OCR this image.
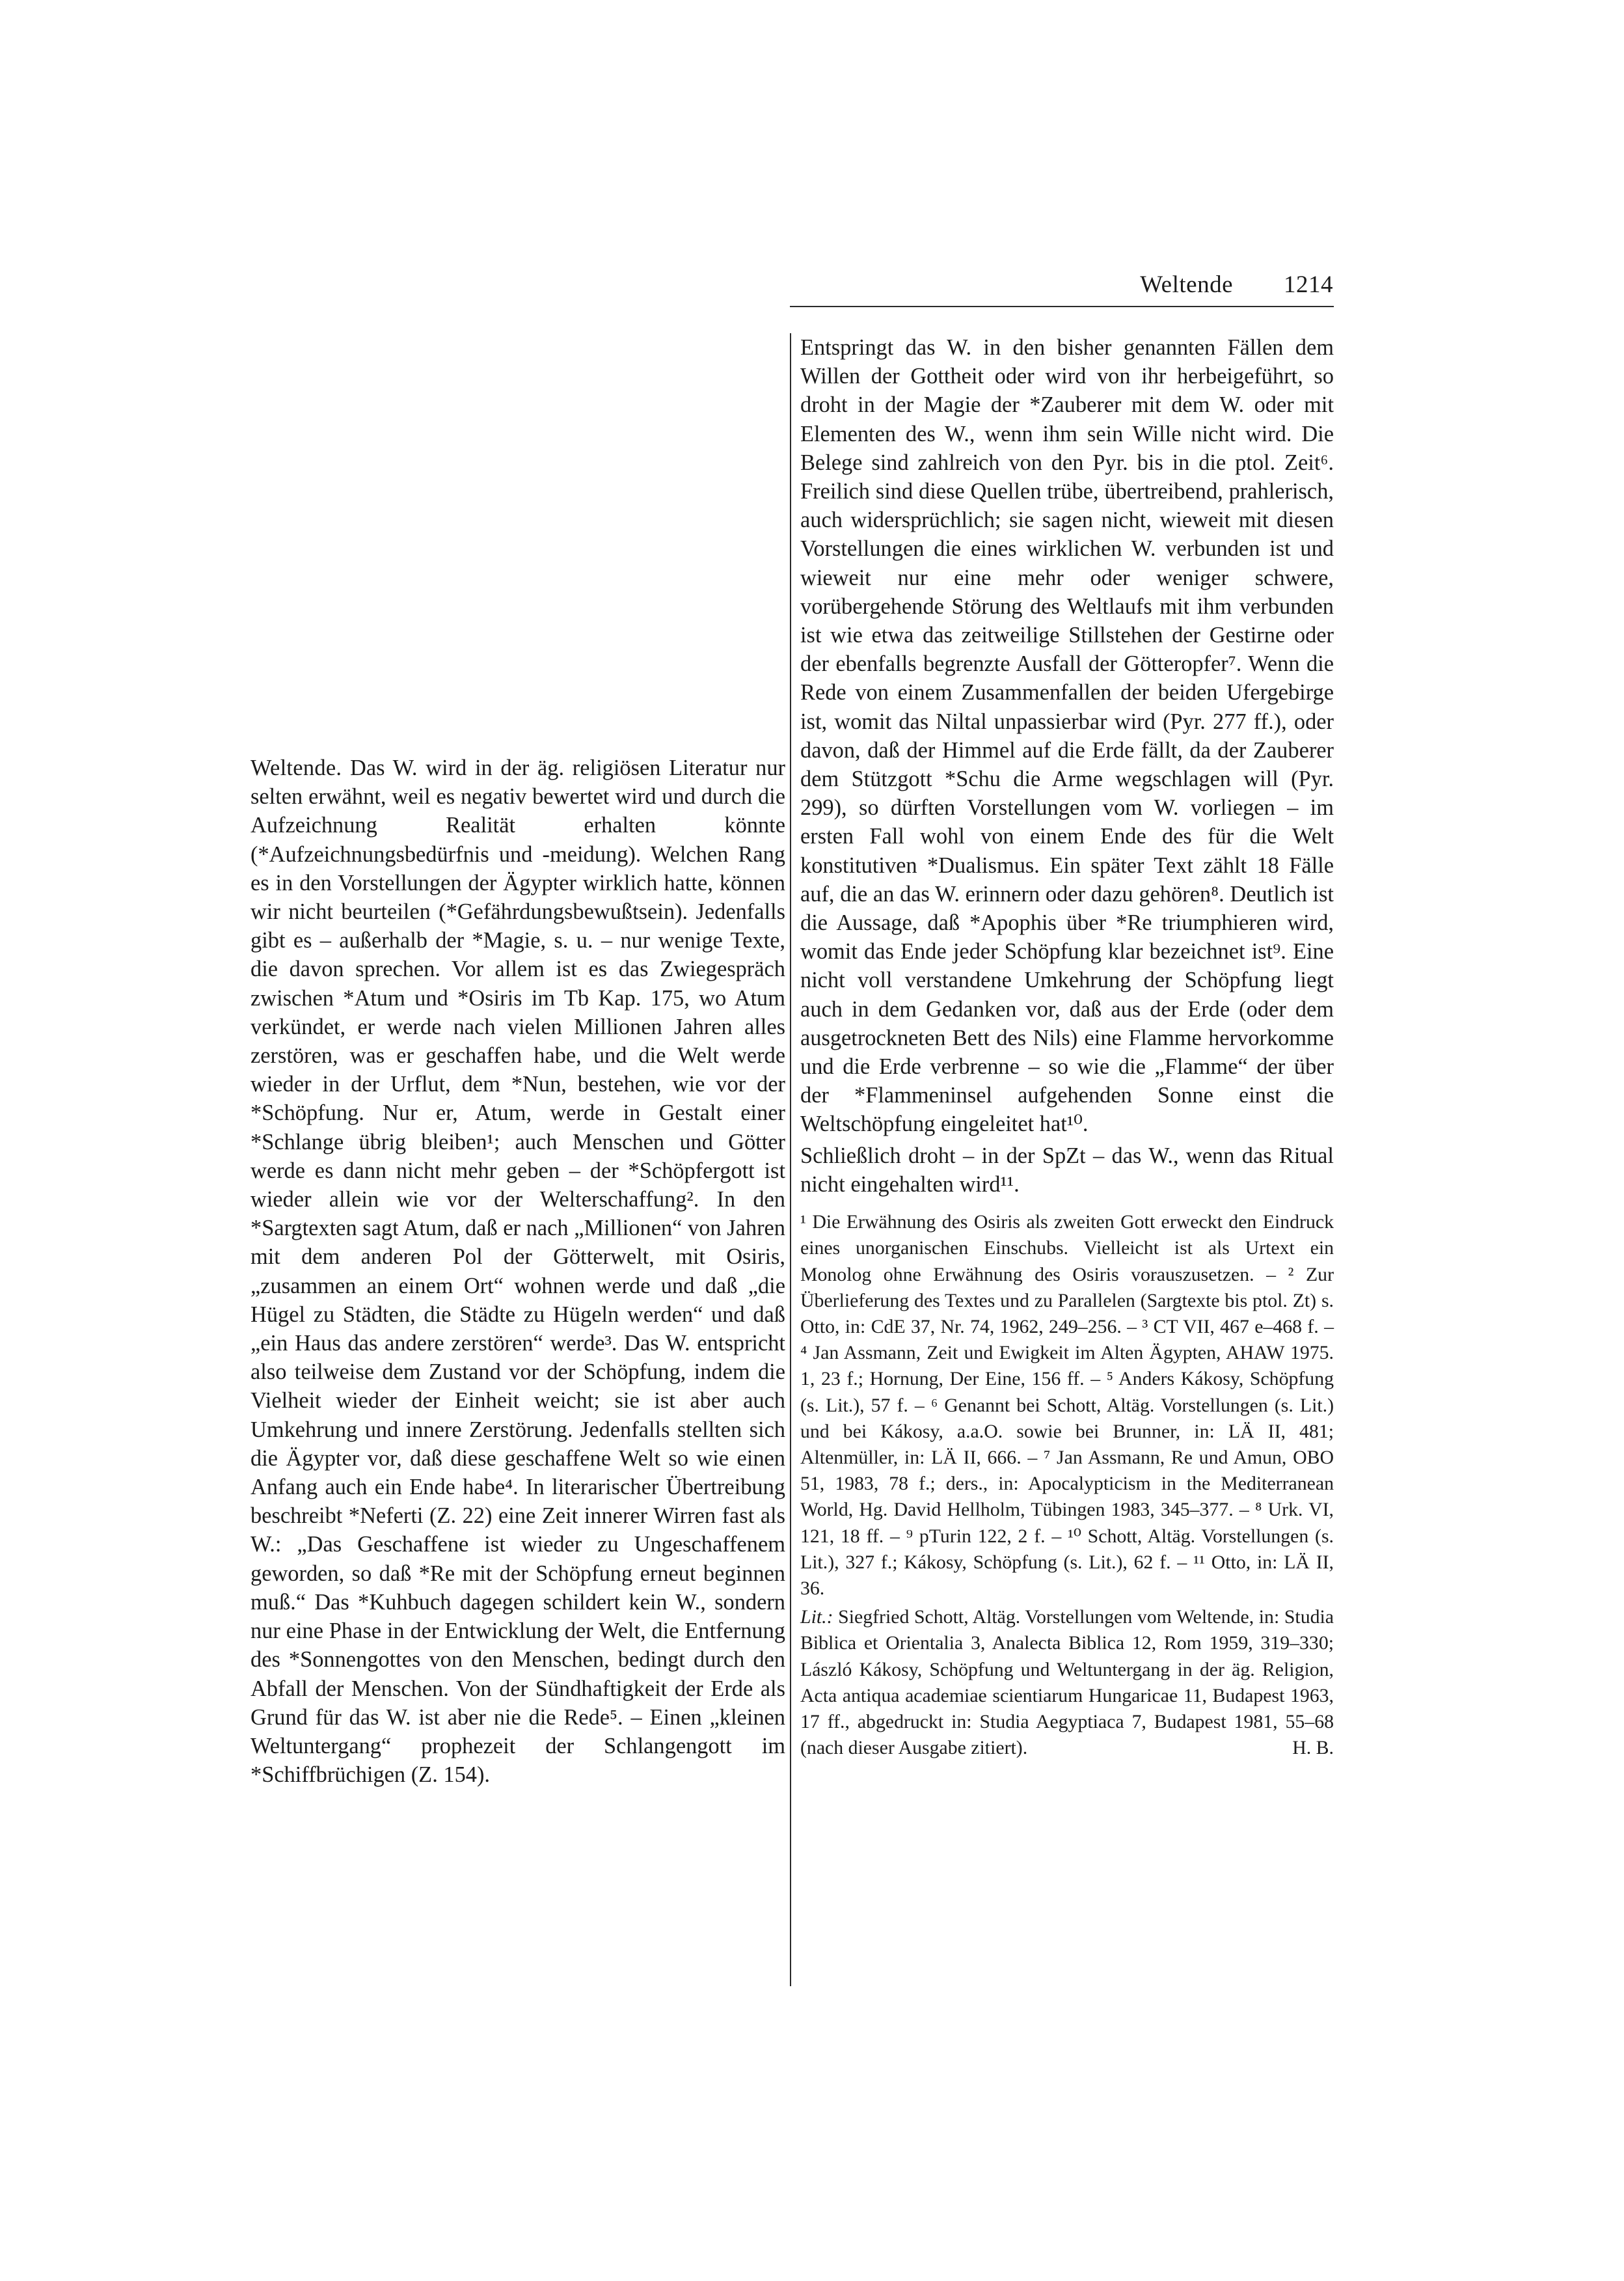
Weltende 1214

Weltende. Das W. wird in der äg. religiösen Literatur nur selten erwähnt, weil es negativ bewertet wird und durch die Aufzeichnung Realität erhalten könnte (*Aufzeichnungsbedürfnis und -meidung). Welchen Rang es in den Vorstellungen der Ägypter wirklich hatte, können wir nicht beurteilen (*Gefährdungsbewußtsein). Jedenfalls gibt es – außerhalb der *Magie, s. u. – nur wenige Texte, die davon sprechen. Vor allem ist es das Zwiegespräch zwischen *Atum und *Osiris im Tb Kap. 175, wo Atum verkündet, er werde nach vielen Millionen Jahren alles zerstören, was er geschaffen habe, und die Welt werde wieder in der Urflut, dem *Nun, bestehen, wie vor der *Schöpfung. Nur er, Atum, werde in Gestalt einer *Schlange übrig bleiben¹; auch Menschen und Götter werde es dann nicht mehr geben – der *Schöpfergott ist wieder allein wie vor der Welterschaffung². In den *Sargtexten sagt Atum, daß er nach „Millionen“ von Jahren mit dem anderen Pol der Götterwelt, mit Osiris, „zusammen an einem Ort“ wohnen werde und daß „die Hügel zu Städten, die Städte zu Hügeln werden“ und daß „ein Haus das andere zerstören“ werde³. Das W. entspricht also teilweise dem Zustand vor der Schöpfung, indem die Vielheit wieder der Einheit weicht; sie ist aber auch Umkehrung und innere Zerstörung. Jedenfalls stellten sich die Ägypter vor, daß diese geschaffene Welt so wie einen Anfang auch ein Ende habe⁴. In literarischer Übertreibung beschreibt *Neferti (Z. 22) eine Zeit innerer Wirren fast als W.: „Das Geschaffene ist wieder zu Ungeschaffenem geworden, so daß *Re mit der Schöpfung erneut beginnen muß.“ Das *Kuhbuch dagegen schildert kein W., sondern nur eine Phase in der Entwicklung der Welt, die Entfernung des *Sonnengottes von den Menschen, bedingt durch den Abfall der Menschen. Von der Sündhaftigkeit der Erde als Grund für das W. ist aber nie die Rede⁵. – Einen „kleinen Weltuntergang“ prophezeit der Schlangengott im *Schiffbrüchigen (Z. 154).

Entspringt das W. in den bisher genannten Fällen dem Willen der Gottheit oder wird von ihr herbeigeführt, so droht in der Magie der *Zauberer mit dem W. oder mit Elementen des W., wenn ihm sein Wille nicht wird. Die Belege sind zahlreich von den Pyr. bis in die ptol. Zeit⁶. Freilich sind diese Quellen trübe, übertreibend, prahlerisch, auch widersprüchlich; sie sagen nicht, wieweit mit diesen Vorstellungen die eines wirklichen W. verbunden ist und wieweit nur eine mehr oder weniger schwere, vorübergehende Störung des Weltlaufs mit ihm verbunden ist wie etwa das zeitweilige Stillstehen der Gestirne oder der ebenfalls begrenzte Ausfall der Götteropfer⁷. Wenn die Rede von einem Zusammenfallen der beiden Ufergebirge ist, womit das Niltal unpassierbar wird (Pyr. 277 ff.), oder davon, daß der Himmel auf die Erde fällt, da der Zauberer dem Stützgott *Schu die Arme wegschlagen will (Pyr. 299), so dürften Vorstellungen vom W. vorliegen – im ersten Fall wohl von einem Ende des für die Welt konstitutiven *Dualismus. Ein später Text zählt 18 Fälle auf, die an das W. erinnern oder dazu gehören⁸. Deutlich ist die Aussage, daß *Apophis über *Re triumphieren wird, womit das Ende jeder Schöpfung klar bezeichnet ist⁹. Eine nicht voll verstandene Umkehrung der Schöpfung liegt auch in dem Gedanken vor, daß aus der Erde (oder dem ausgetrockneten Bett des Nils) eine Flamme hervorkomme und die Erde verbrenne – so wie die „Flamme“ der über der *Flammeninsel aufgehenden Sonne einst die Weltschöpfung eingeleitet hat¹⁰.

Schließlich droht – in der SpZt – das W., wenn das Ritual nicht eingehalten wird¹¹.

¹ Die Erwähnung des Osiris als zweiten Gott erweckt den Eindruck eines unorganischen Einschubs. Vielleicht ist als Urtext ein Monolog ohne Erwähnung des Osiris vorauszusetzen. – ² Zur Überlieferung des Textes und zu Parallelen (Sargtexte bis ptol. Zt) s. Otto, in: CdE 37, Nr. 74, 1962, 249–256. – ³ CT VII, 467 e–468 f. – ⁴ Jan Assmann, Zeit und Ewigkeit im Alten Ägypten, AHAW 1975. 1, 23 f.; Hornung, Der Eine, 156 ff. – ⁵ Anders Kákosy, Schöpfung (s. Lit.), 57 f. – ⁶ Genannt bei Schott, Altäg. Vorstellungen (s. Lit.) und bei Kákosy, a.a.O. sowie bei Brunner, in: LÄ II, 481; Altenmüller, in: LÄ II, 666. – ⁷ Jan Assmann, Re und Amun, OBO 51, 1983, 78 f.; ders., in: Apocalypticism in the Mediterranean World, Hg. David Hellholm, Tübingen 1983, 345–377. – ⁸ Urk. VI, 121, 18 ff. – ⁹ pTurin 122, 2 f. – ¹⁰ Schott, Altäg. Vorstellungen (s. Lit.), 327 f.; Kákosy, Schöpfung (s. Lit.), 62 f. – ¹¹ Otto, in: LÄ II, 36.

Lit.: Siegfried Schott, Altäg. Vorstellungen vom Weltende, in: Studia Biblica et Orientalia 3, Analecta Biblica 12, Rom 1959, 319–330; László Kákosy, Schöpfung und Weltuntergang in der äg. Religion, Acta antiqua academiae scientiarum Hungaricae 11, Budapest 1963, 17 ff., abgedruckt in: Studia Aegyptiaca 7, Budapest 1981, 55–68 (nach dieser Ausgabe zitiert).	H. B.
